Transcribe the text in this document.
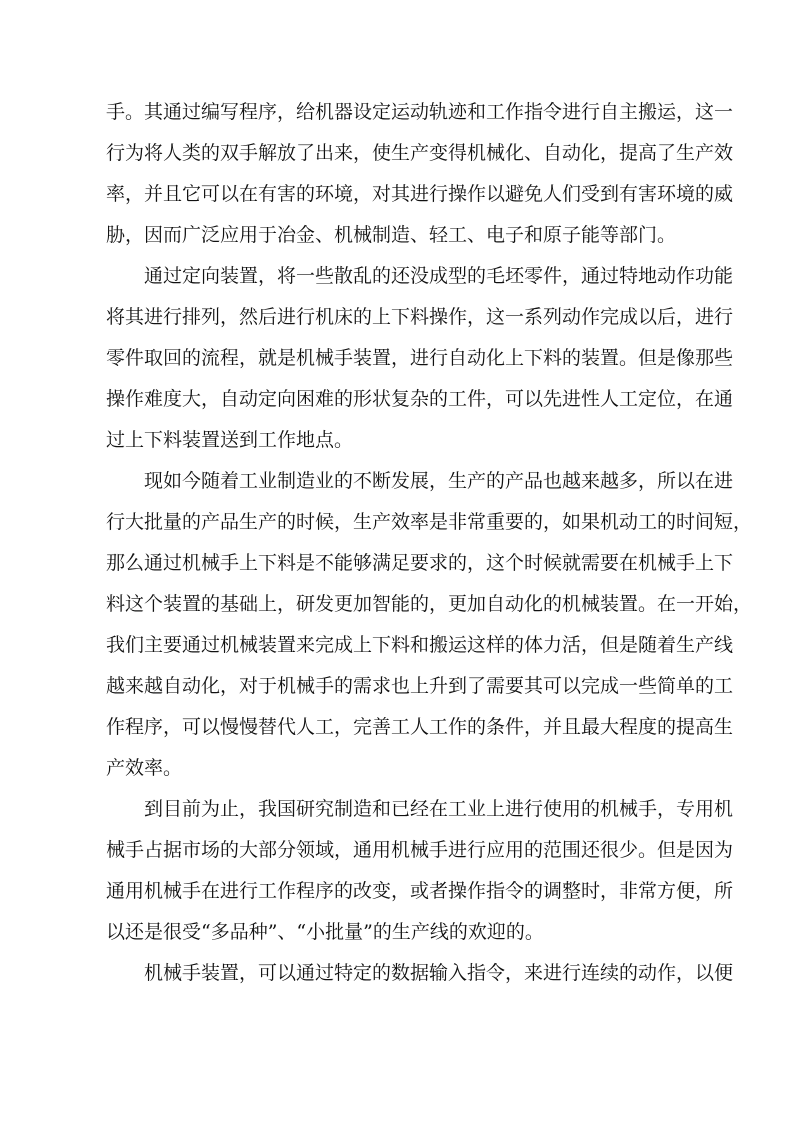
手。其通过编写程序，给机器设定运动轨迹和工作指令进行自主搬运，这一
行为将人类的双手解放了出来，使生产变得机械化、自动化，提高了生产效
率，并且它可以在有害的环境，对其进行操作以避免人们受到有害环境的威
胁，因而广泛应用于冶金、机械制造、轻工、电子和原子能等部门。
通过定向装置，将一些散乱的还没成型的毛坯零件，通过特地动作功能
将其进行排列，然后进行机床的上下料操作，这一系列动作完成以后，进行
零件取回的流程，就是机械手装置，进行自动化上下料的装置。但是像那些
操作难度大，自动定向困难的形状复杂的工件，可以先进性人工定位，在通
过上下料装置送到工作地点。
现如今随着工业制造业的不断发展，生产的产品也越来越多，所以在进
行大批量的产品生产的时候，生产效率是非常重要的，如果机动工的时间短，
那么通过机械手上下料是不能够满足要求的，这个时候就需要在机械手上下
料这个装置的基础上，研发更加智能的，更加自动化的机械装置。在一开始，
我们主要通过机械装置来完成上下料和搬运这样的体力活，但是随着生产线
越来越自动化，对于机械手的需求也上升到了需要其可以完成一些简单的工
作程序，可以慢慢替代人工，完善工人工作的条件，并且最大程度的提高生
产效率。
到目前为止，我国研究制造和已经在工业上进行使用的机械手，专用机
械手占据市场的大部分领域，通用机械手进行应用的范围还很少。但是因为
通用机械手在进行工作程序的改变，或者操作指令的调整时，非常方便，所
以还是很受“多品种”、“小批量”的生产线的欢迎的。
机械手装置，可以通过特定的数据输入指令，来进行连续的动作，以便
